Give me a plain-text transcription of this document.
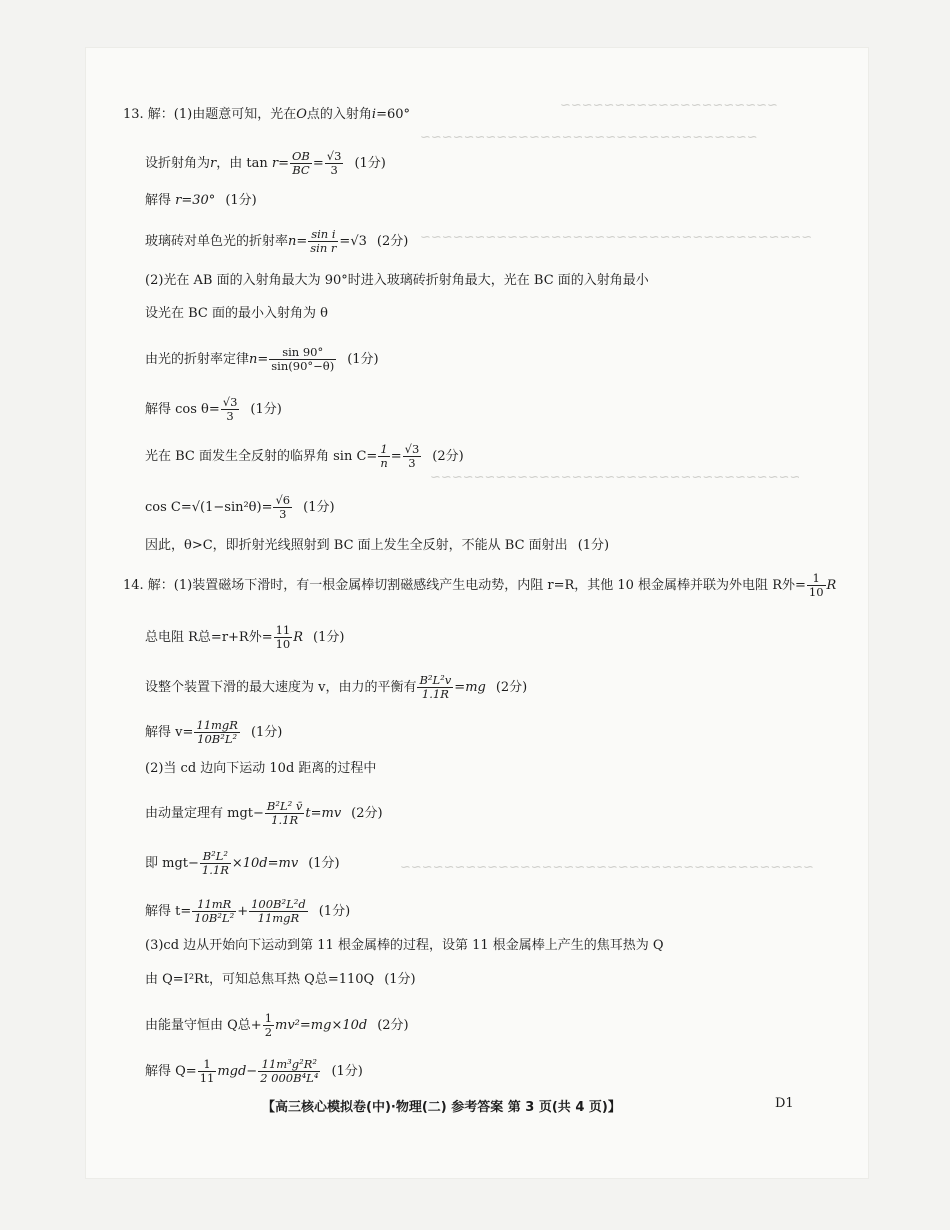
~~~~~~~~~~~~~~~~~~~~
~~~~~~~~~~~~~~~~~~~~~~~~~~~~~~~
~~~~~~~~~~~~~~~~~~~~~~~~~~~~~~~~~~~~
~~~~~~~~~~~~~~~~~~~~~~~~~~~~~~~~~~
~~~~~~~~~~~~~~~~~~~~~~~~~~~~~~~~~~~~~~
13. 解：(1)由题意可知，光在O点的入射角i=60°
设折射角为r，由 $\tan r= \frac{OB}{BC} = \frac{√3}{3} (1$分)
解得 r=30° (1分)
玻璃砖对单色光的折射率$n= \frac{\text{sin i}}{\text{sin r}} =√3$ (2分)
(2)光在 AB 面的入射角最大为 90°时进入玻璃砖折射角最大，光在 BC 面的入射角最小
设光在 BC 面的最小入射角为 θ
由光的折射率定律$n= \frac{\sin 90^\circ}{\sin(90^\circ-\theta)} (1$分)
解得 $\cos \theta= \frac{√3}{3} (1$分)
光在 BC 面发生全反射的临界角 $\sin C= \frac{1}{n} = \frac{√3}{3} (2$分)
$\cos C=√(1-\sin^2\theta)= \frac{√6}{3} (1$分)
因此，θ>C，即折射光线照射到 BC 面上发生全反射，不能从 BC 面射出 (1分)
14. 解：(1)装置磁场下滑时，有一根金属棒切割磁感线产生电动势，内阻 r=R，其他 10 根金属棒并联为外电阻 R外= $\frac{1}{10}$ R
总电阻 R总=r+R外= $\frac{11}{10}$ R (1分)
设整个装置下滑的最大速度为 v，由力的平衡有 $\frac{\text{B²L²v}}{1.1R} =mg$ (2分)
解得 $v= \frac{\text{11mgR}}{\text{10B²L²}} (1$分)
(2)当 cd 边向下运动 10d 距离的过程中
由动量定理有 $mgt- \frac{\text{B²L² v̄}}{1.1R} t=mv$ (2分)
即 $mgt- \frac{\text{B²L²}}{1.1R} \times 10d=mv$ (1分)
解得 $t= \frac{11mR}{\text{10B²L²}} + \frac{\text{100B²L²d}}{\text{11mgR}} (1$分)
(3)cd 边从开始向下运动到第 11 根金属棒的过程，设第 11 根金属棒上产生的焦耳热为 Q
由 Q=I²Rt，可知总焦耳热 Q总=110Q (1分)
由能量守恒由 Q总+ $\frac{1}{2} mv^2=mg\times 10d$ (2分)
解得 $Q= \frac{1}{11} mgd- \frac{\text{11m³g²R²}}{\text{2 000B⁴L⁴}} (1$分)
【高三核心模拟卷(中)·物理(二) 参考答案 第 3 页(共 4 页)】	D1
